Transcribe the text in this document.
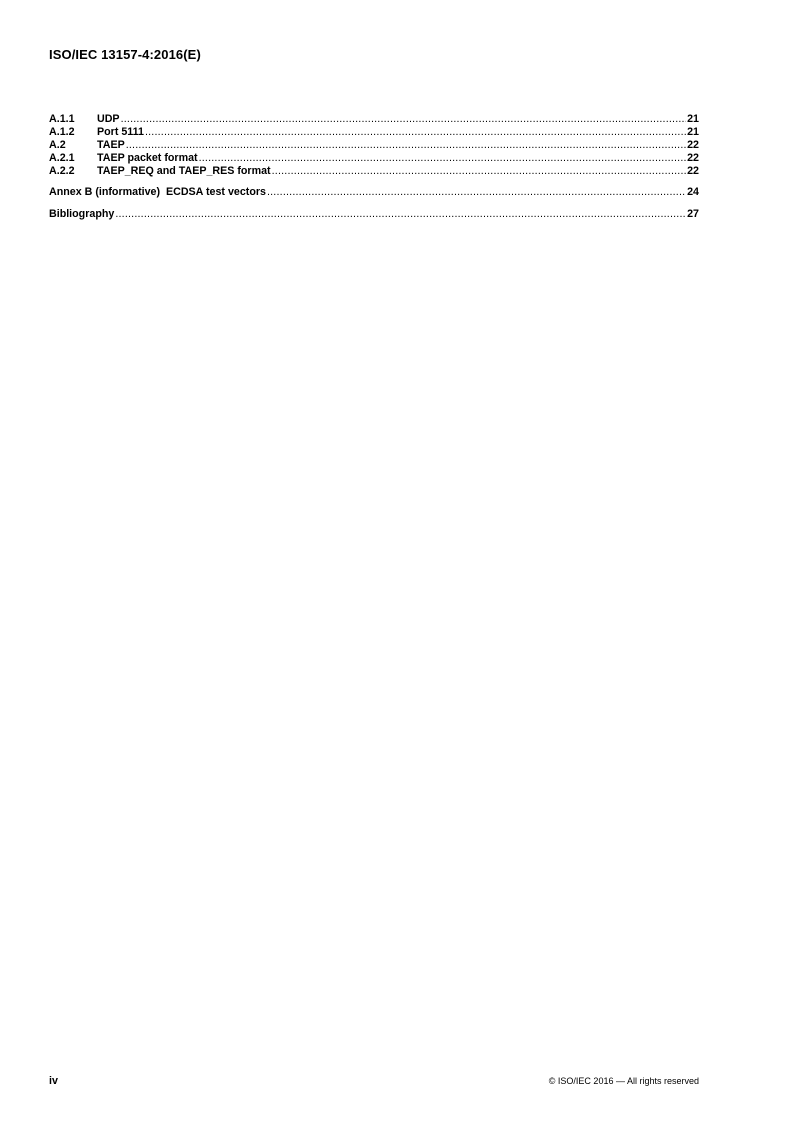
ISO/IEC 13157-4:2016(E)
A.1.1	UDP .....	21
A.1.2	Port 5111 .....	21
A.2	TAEP .....	22
A.2.1	TAEP packet format .....	22
A.2.2	TAEP_REQ and TAEP_RES format .....	22
Annex B (informative)  ECDSA test vectors .....	24
Bibliography .....	27
iv	© ISO/IEC 2016 — All rights reserved
